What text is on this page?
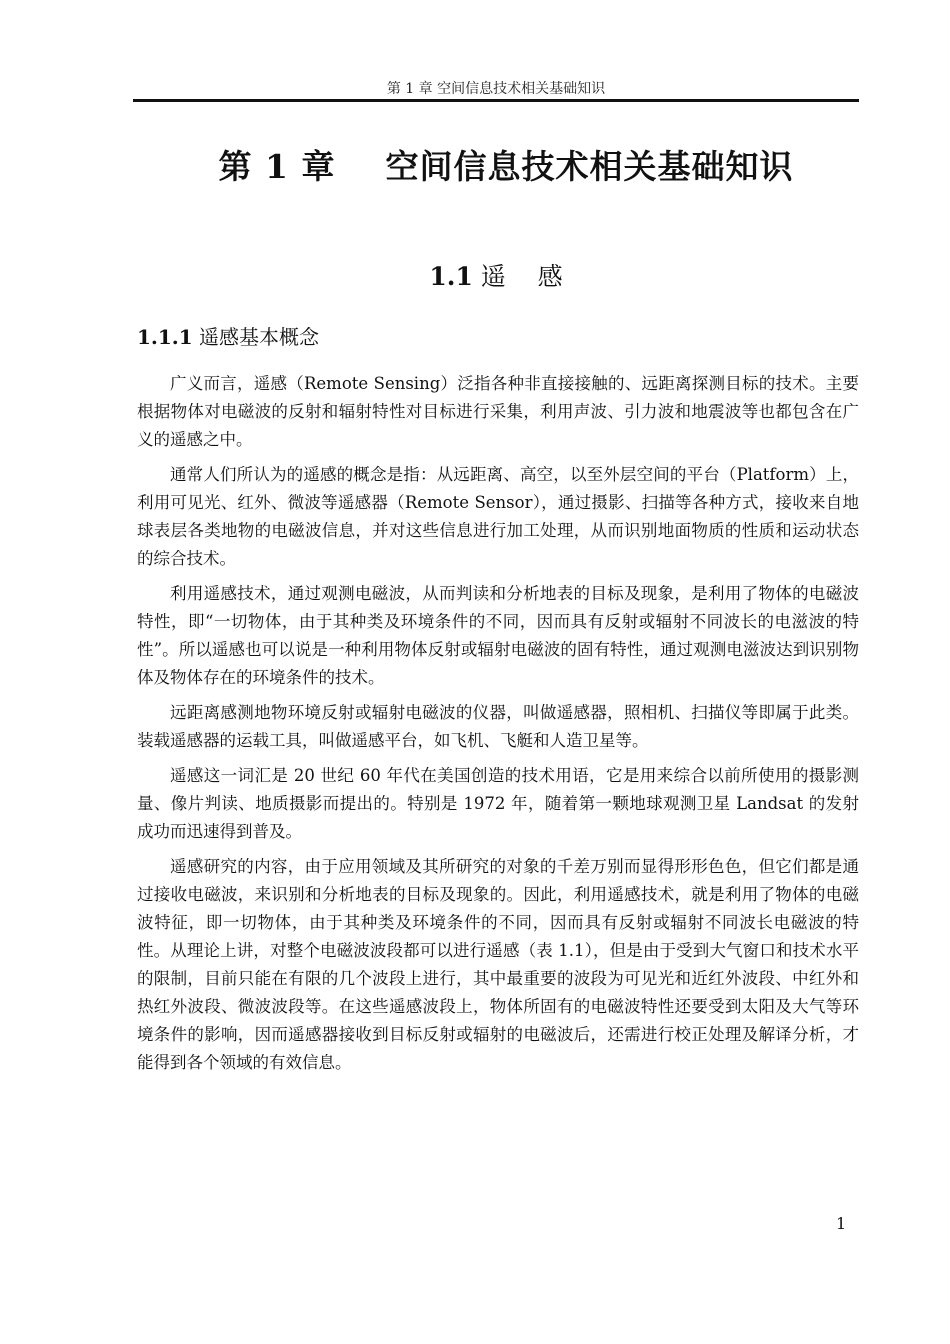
第 1 章 空间信息技术相关基础知识
第 1 章    空间信息技术相关基础知识
1.1 遥    感
1.1.1 遥感基本概念

广义而言，遥感（Remote Sensing）泛指各种非直接接触的、远距离探测目标的技术。主要根据物体对电磁波的反射和辐射特性对目标进行采集，利用声波、引力波和地震波等也都包含在广义的遥感之中。

通常人们所认为的遥感的概念是指：从远距离、高空，以至外层空间的平台（Platform）上，利用可见光、红外、微波等遥感器（Remote Sensor），通过摄影、扫描等各种方式，接收来自地球表层各类地物的电磁波信息，并对这些信息进行加工处理，从而识别地面物质的性质和运动状态的综合技术。

利用遥感技术，通过观测电磁波，从而判读和分析地表的目标及现象，是利用了物体的电磁波特性，即“一切物体，由于其种类及环境条件的不同，因而具有反射或辐射不同波长的电滋波的特性”。所以遥感也可以说是一种利用物体反射或辐射电磁波的固有特性，通过观测电滋波达到识别物体及物体存在的环境条件的技术。

远距离感测地物环境反射或辐射电磁波的仪器，叫做遥感器，照相机、扫描仪等即属于此类。装载遥感器的运载工具，叫做遥感平台，如飞机、飞艇和人造卫星等。

遥感这一词汇是 20 世纪 60 年代在美国创造的技术用语，它是用来综合以前所使用的摄影测量、像片判读、地质摄影而提出的。特别是 1972 年，随着第一颗地球观测卫星 Landsat 的发射成功而迅速得到普及。

遥感研究的内容，由于应用领域及其所研究的对象的千差万别而显得形形色色，但它们都是通过接收电磁波，来识别和分析地表的目标及现象的。因此，利用遥感技术，就是利用了物体的电磁波特征，即一切物体，由于其种类及环境条件的不同，因而具有反射或辐射不同波长电磁波的特性。从理论上讲，对整个电磁波波段都可以进行遥感（表 1.1），但是由于受到大气窗口和技术水平的限制，目前只能在有限的几个波段上进行，其中最重要的波段为可见光和近红外波段、中红外和热红外波段、微波波段等。在这些遥感波段上，物体所固有的电磁波特性还要受到太阳及大气等环境条件的影响，因而遥感器接收到目标反射或辐射的电磁波后，还需进行校正处理及解译分析，才能得到各个领域的有效信息。

1
